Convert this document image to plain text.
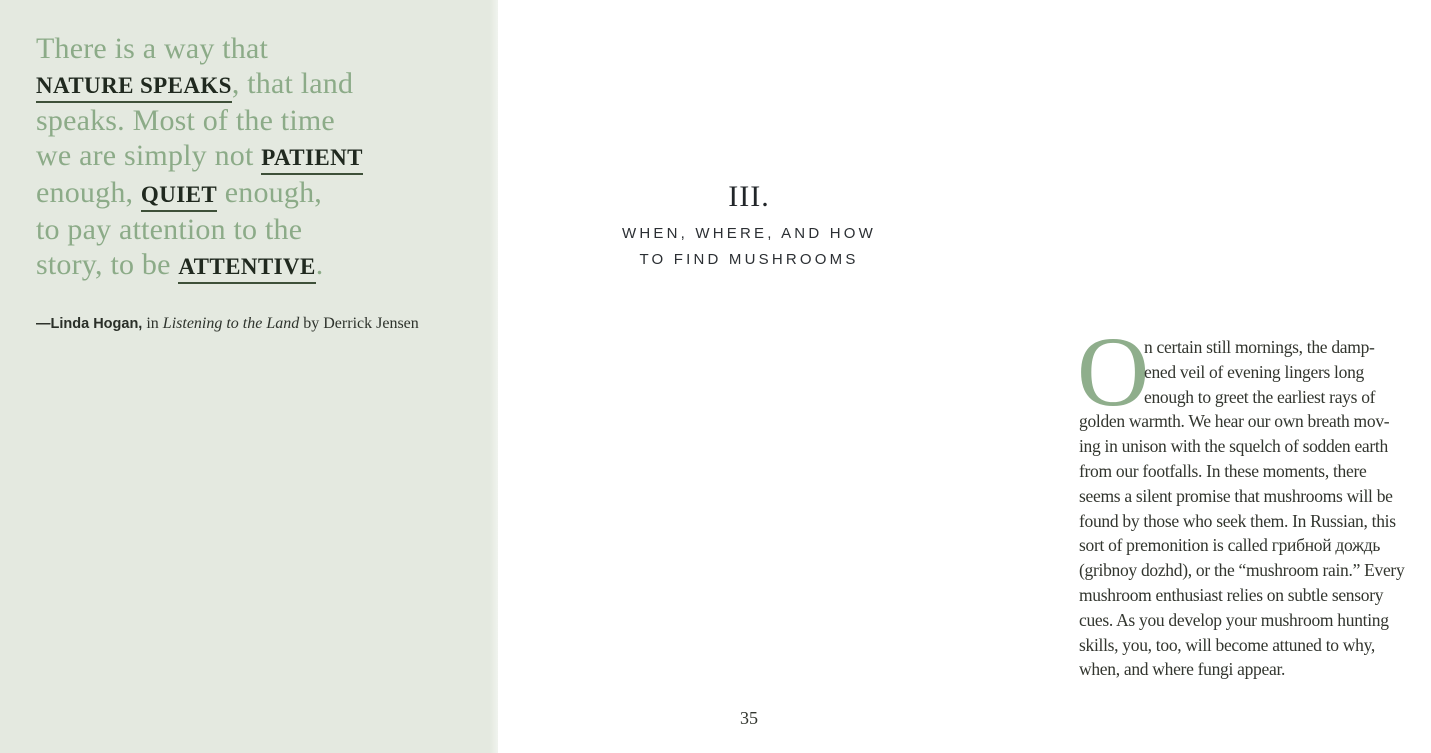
There is a way that
NATURE SPEAKS, that land
speaks. Most of the time
we are simply not PATIENT
enough, QUIET enough,
to pay attention to the
story, to be ATTENTIVE.
—Linda Hogan, in Listening to the Land by Derrick Jensen
III.
WHEN, WHERE, AND HOW
TO FIND MUSHROOMS
O
n certain still mornings, the damp-
ened veil of evening lingers long
enough to greet the earliest rays of
golden warmth. We hear our own breath mov-
ing in unison with the squelch of sodden earth
from our footfalls. In these moments, there
seems a silent promise that mushrooms will be
found by those who seek them. In Russian, this
sort of premonition is called грибной дождь
(gribnoy dozhd), or the “mushroom rain.” Every
mushroom enthusiast relies on subtle sensory
cues. As you develop your mushroom hunting
skills, you, too, will become attuned to why,
when, and where fungi appear.
35
